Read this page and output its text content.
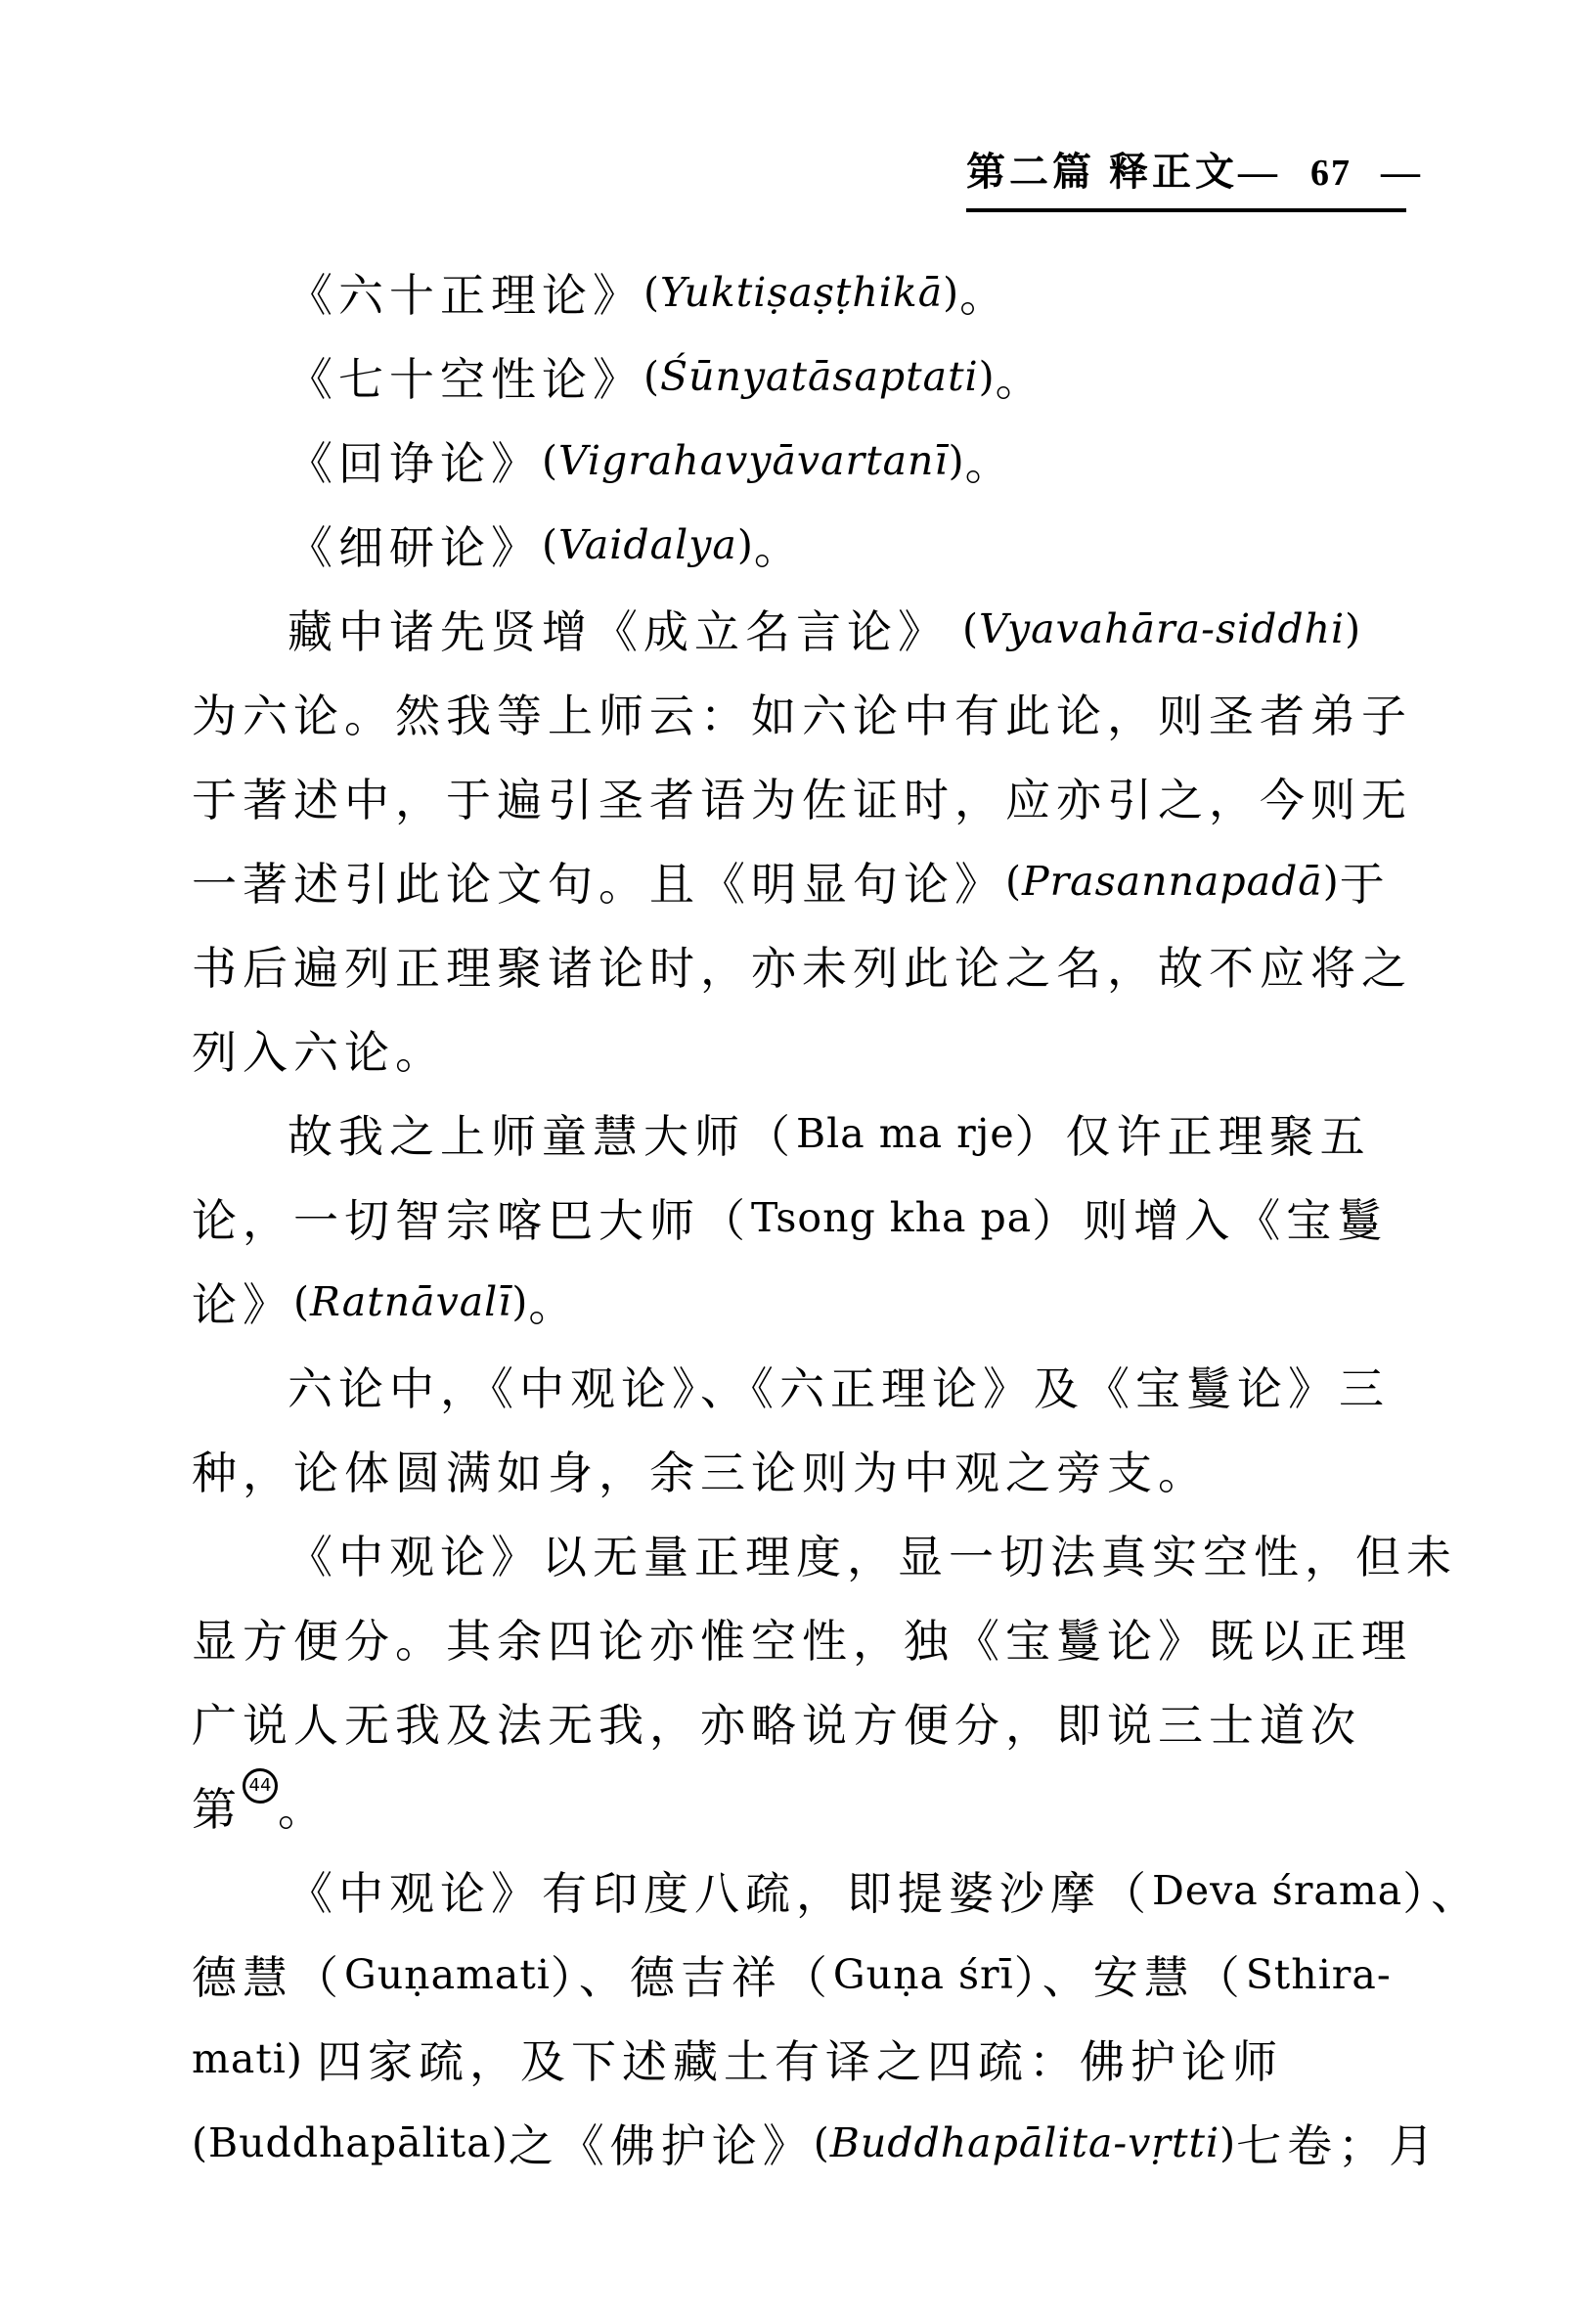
第二篇 释正文 — 67 —
《六十正理论》 ( Yuktiṣaṣṭhikā ) 。
《七十空性论》 ( Śūnyatāsaptati ) 。
《回诤论》 ( Vigrahavyāvartanī ) 。
《细研论》 ( Vaidalya ) 。
藏中诸先贤增《成立名言论》 ( Vyavahāra-siddhi )
为六论。然我等上师云：如六论中有此论，则圣者弟子
于著述中，于遍引圣者语为佐证时，应亦引之，今则无
一著述引此论文句。且《明显句论》 ( Prasannapadā ) 于
书后遍列正理聚诸论时，亦未列此论之名，故不应将之
列入六论。
故我之上师童慧大师（ Bla ma rje ）仅许正理聚五
论，一切智宗喀巴大师（ Tsong kha pa ）则增入《宝鬘
论》 ( Ratnāvalī ) 。
六论中，《中观论》、《六正理论》及《宝鬘论》三
种，论体圆满如身，余三论则为中观之旁支。
《中观论》以无量正理度，显一切法真实空性，但未
显方便分。其余四论亦惟空性，独《宝鬘论》既以正理
广说人无我及法无我，亦略说方便分，即说三士道次
第 44 。
《中观论》有印度八疏，即提婆沙摩（ Deva śrama ）、
德慧（ Guṇamati ）、德吉祥（ Guṇa śrī ）、安慧（ Sthira-
mati) 四家疏，及下述藏土有译之四疏：佛护论师
(Buddhapālita) 之《佛护论》 ( Buddhapālita-vṛtti ) 七卷；月
